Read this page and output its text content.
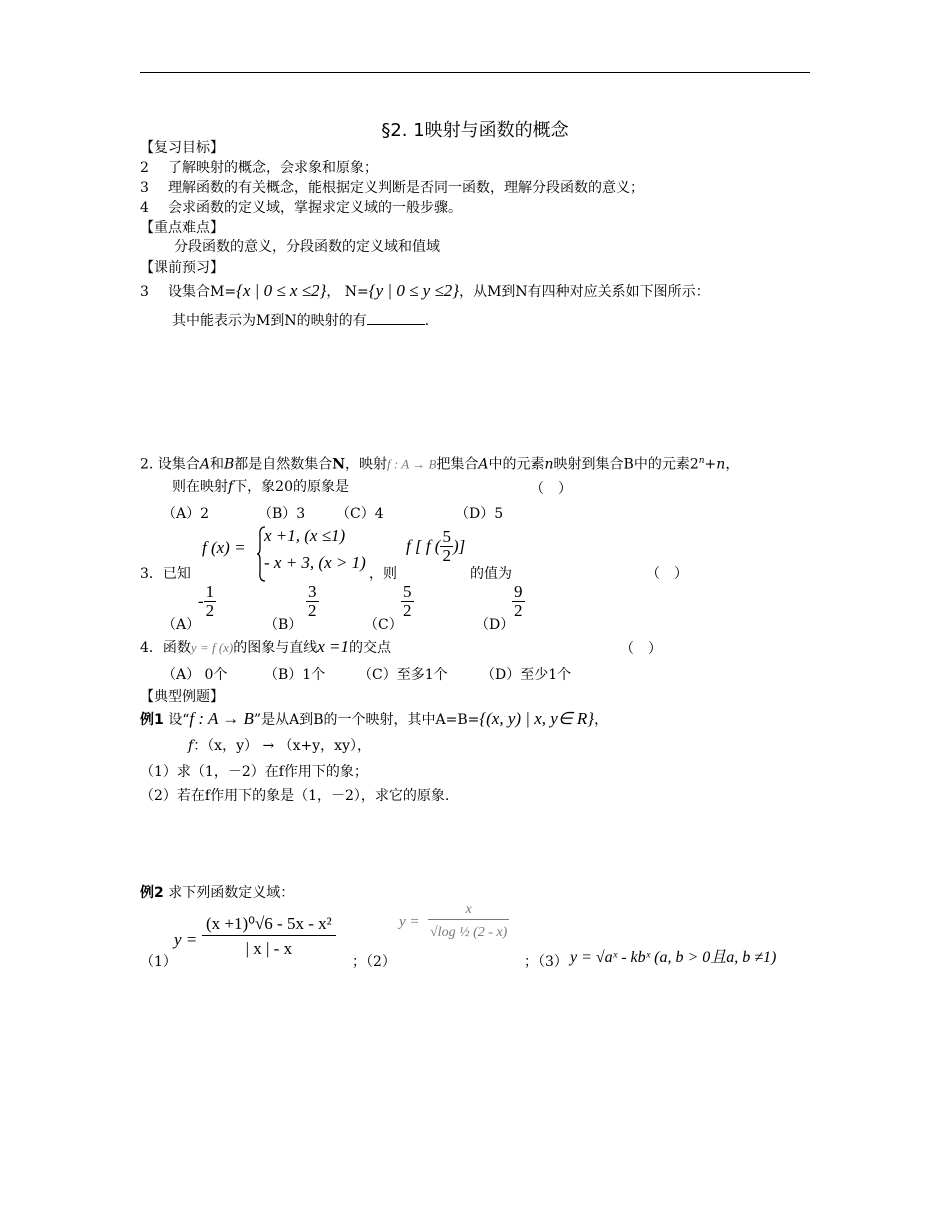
§2. 1映射与函数的概念
【复习目标】
2 了解映射的概念，会求象和原象；
3 理解函数的有关概念，能根据定义判断是否同一函数，理解分段函数的意义；
4 会求函数的定义域，掌握求定义域的一般步骤。
【重点难点】
分段函数的意义，分段函数的定义域和值域
【课前预习】
3 设集合M={x | 0 ≤ x ≤2}， N={y | 0 ≤ y ≤2}，从M到N有四种对应关系如下图所示：
其中能表示为M到N的映射的有	.
2. 设集合A和B都是自然数集合N，映射f : A → B把集合A中的元素n映射到集合B中的元素$2^n+n$，
则在映射f下，象20的原象是	（　）
（A）2	（B）3 （C）4	（D）5
3．已知
f (x) =
x +1, (x ≤1)
- x + 3, (x > 1)
，则
f [ f ( $\frac{5}{2}$ )]
的值为	（　）
（A）
- $\frac{1}{2}$
（B）
$\frac{3}{2}$
（C）
$\frac{5}{2}$
（D）
$\frac{9}{2}$
4．函数y = f (x)的图象与直线x =1的交点	（　）
（A） 0个	（B）1个 （C）至多1个 （D）至少1个
【典型例题】
例1 设“f : A → B”是从A到B的一个映射，其中A=B={(x, y) | x, y∈ R}，
f：（x，y） → （x+y，xy），
（1）求（1，－2）在f作用下的象；
（2）若在f作用下的象是（1，－2），求它的原象.
例2 求下列函数定义域：
（1）
$y = \frac{\text{(x +1)⁰√6 - 5x - x²}}{| x | - x}$
；（2）
$y = \frac{x}{\text{√log ½ (2 - x)}}$
；（3） y = √aˣ - kbˣ (a, b > 0且a, b ≠1)
